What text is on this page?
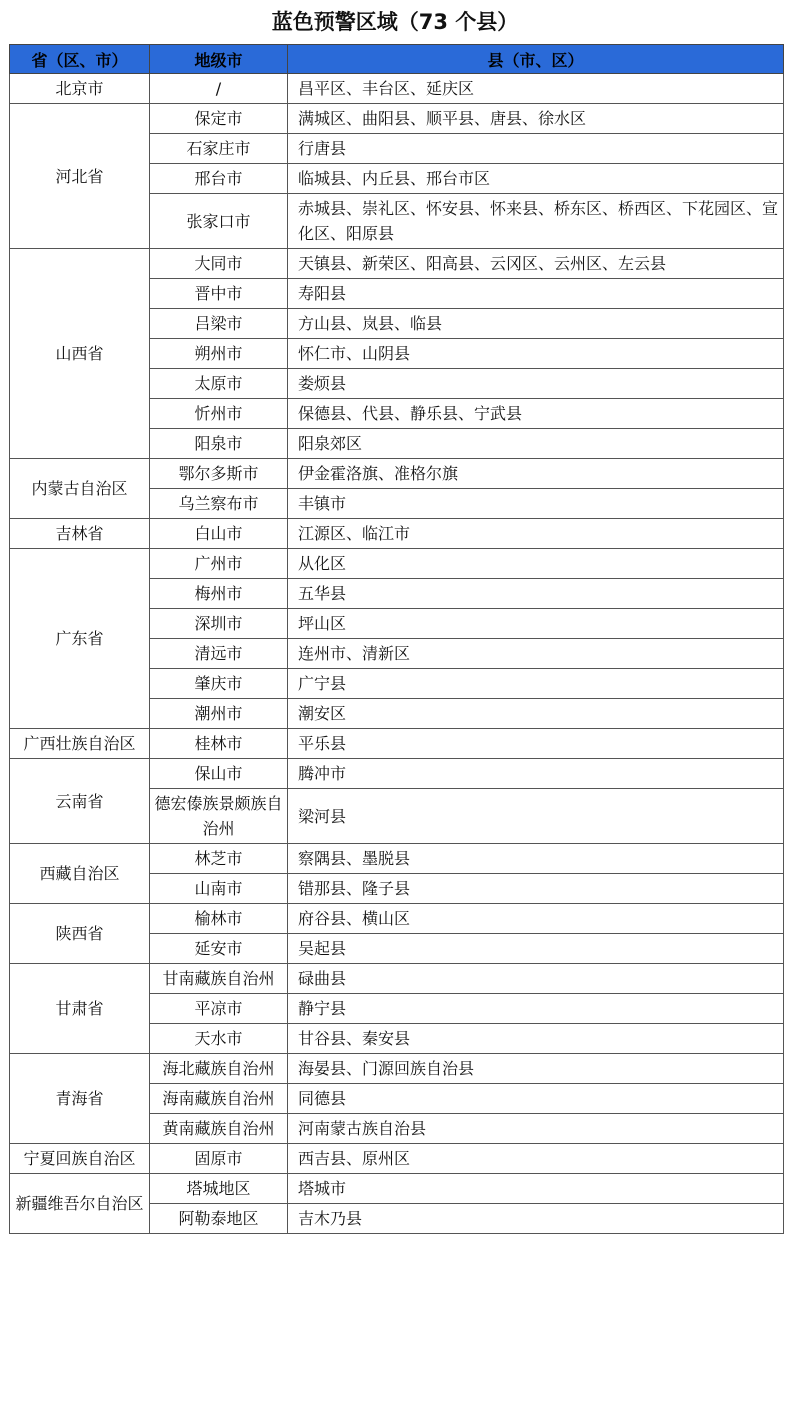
蓝色预警区域（73 个县）
省（区、市）	地级市	县（市、区）
北京市	/	昌平区、丰台区、延庆区
河北省	保定市	满城区、曲阳县、顺平县、唐县、徐水区
	石家庄市	行唐县
	邢台市	临城县、内丘县、邢台市区
	张家口市	赤城县、崇礼区、怀安县、怀来县、桥东区、桥西区、下花园区、宣化区、阳原县
山西省	大同市	天镇县、新荣区、阳高县、云冈区、云州区、左云县
	晋中市	寿阳县
	吕梁市	方山县、岚县、临县
	朔州市	怀仁市、山阴县
	太原市	娄烦县
	忻州市	保德县、代县、静乐县、宁武县
	阳泉市	阳泉郊区
内蒙古自治区	鄂尔多斯市	伊金霍洛旗、准格尔旗
	乌兰察布市	丰镇市
吉林省	白山市	江源区、临江市
广东省	广州市	从化区
	梅州市	五华县
	深圳市	坪山区
	清远市	连州市、清新区
	肇庆市	广宁县
	潮州市	潮安区
广西壮族自治区	桂林市	平乐县
云南省	保山市	腾冲市
	德宏傣族景颇族自治州	梁河县
西藏自治区	林芝市	察隅县、墨脱县
	山南市	错那县、隆子县
陕西省	榆林市	府谷县、横山区
	延安市	吴起县
甘肃省	甘南藏族自治州	碌曲县
	平凉市	静宁县
	天水市	甘谷县、秦安县
青海省	海北藏族自治州	海晏县、门源回族自治县
	海南藏族自治州	同德县
	黄南藏族自治州	河南蒙古族自治县
宁夏回族自治区	固原市	西吉县、原州区
新疆维吾尔自治区	塔城地区	塔城市
	阿勒泰地区	吉木乃县
